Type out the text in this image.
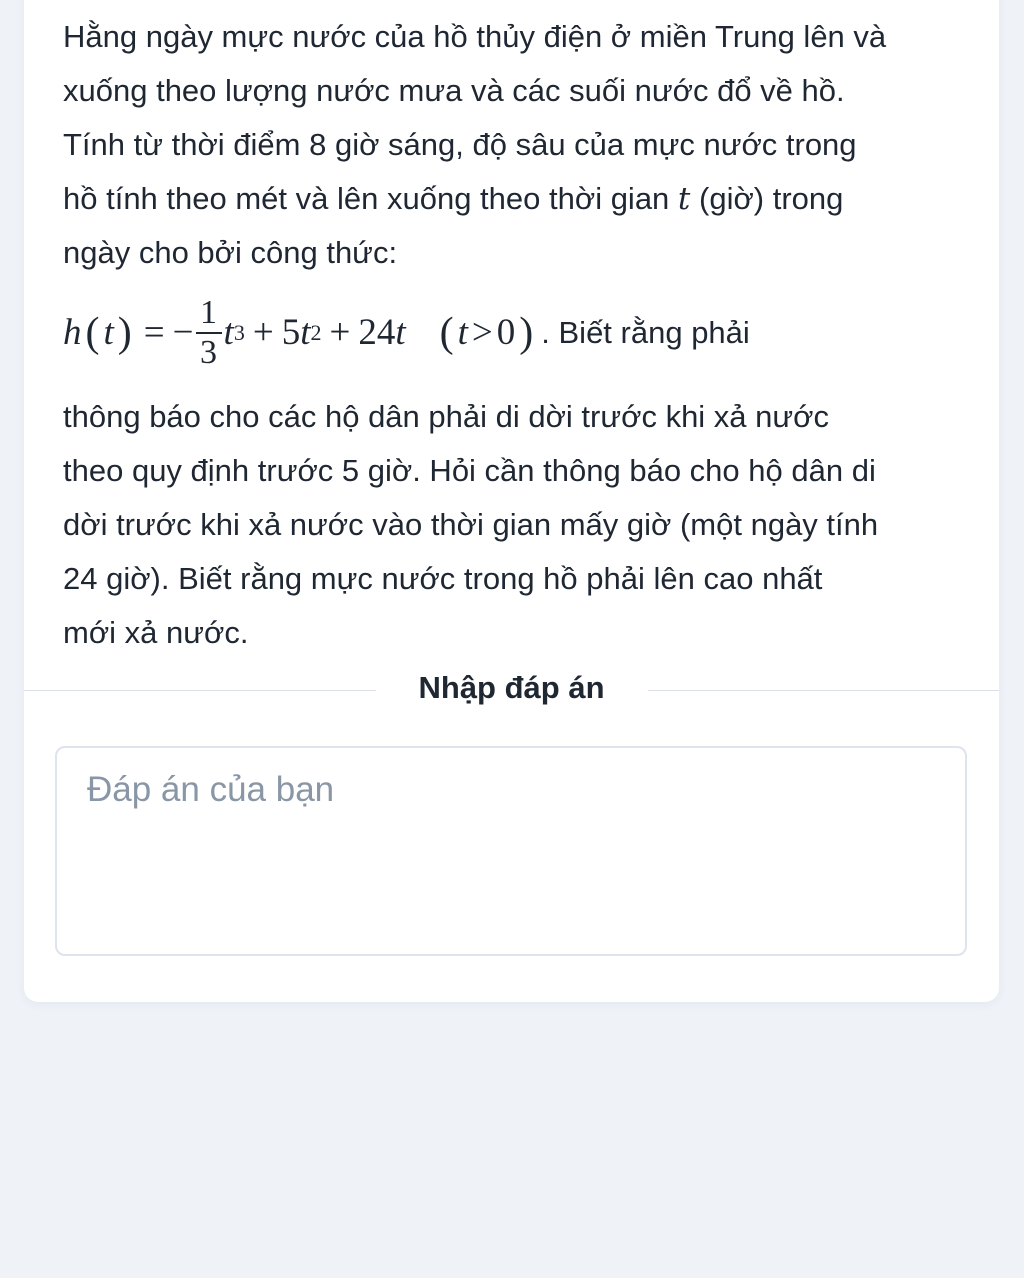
Hằng ngày mực nước của hồ thủy điện ở miền Trung lên và

xuống theo lượng nước mưa và các suối nước đổ về hồ.

Tính từ thời điểm 8 giờ sáng, độ sâu của mực nước trong

hồ tính theo mét và lên xuống theo thời gian t (giờ) trong

ngày cho bởi công thức:

h ( t ) = − $\frac{1}{3}$ t 3 + 5 t 2 + 24 t ( t > 0 ) . Biết rằng phải

thông báo cho các hộ dân phải di dời trước khi xả nước

theo quy định trước 5 giờ. Hỏi cần thông báo cho hộ dân di

dời trước khi xả nước vào thời gian mấy giờ (một ngày tính

24 giờ). Biết rằng mực nước trong hồ phải lên cao nhất

mới xả nước.

Nhập đáp án
Đáp án của bạn
